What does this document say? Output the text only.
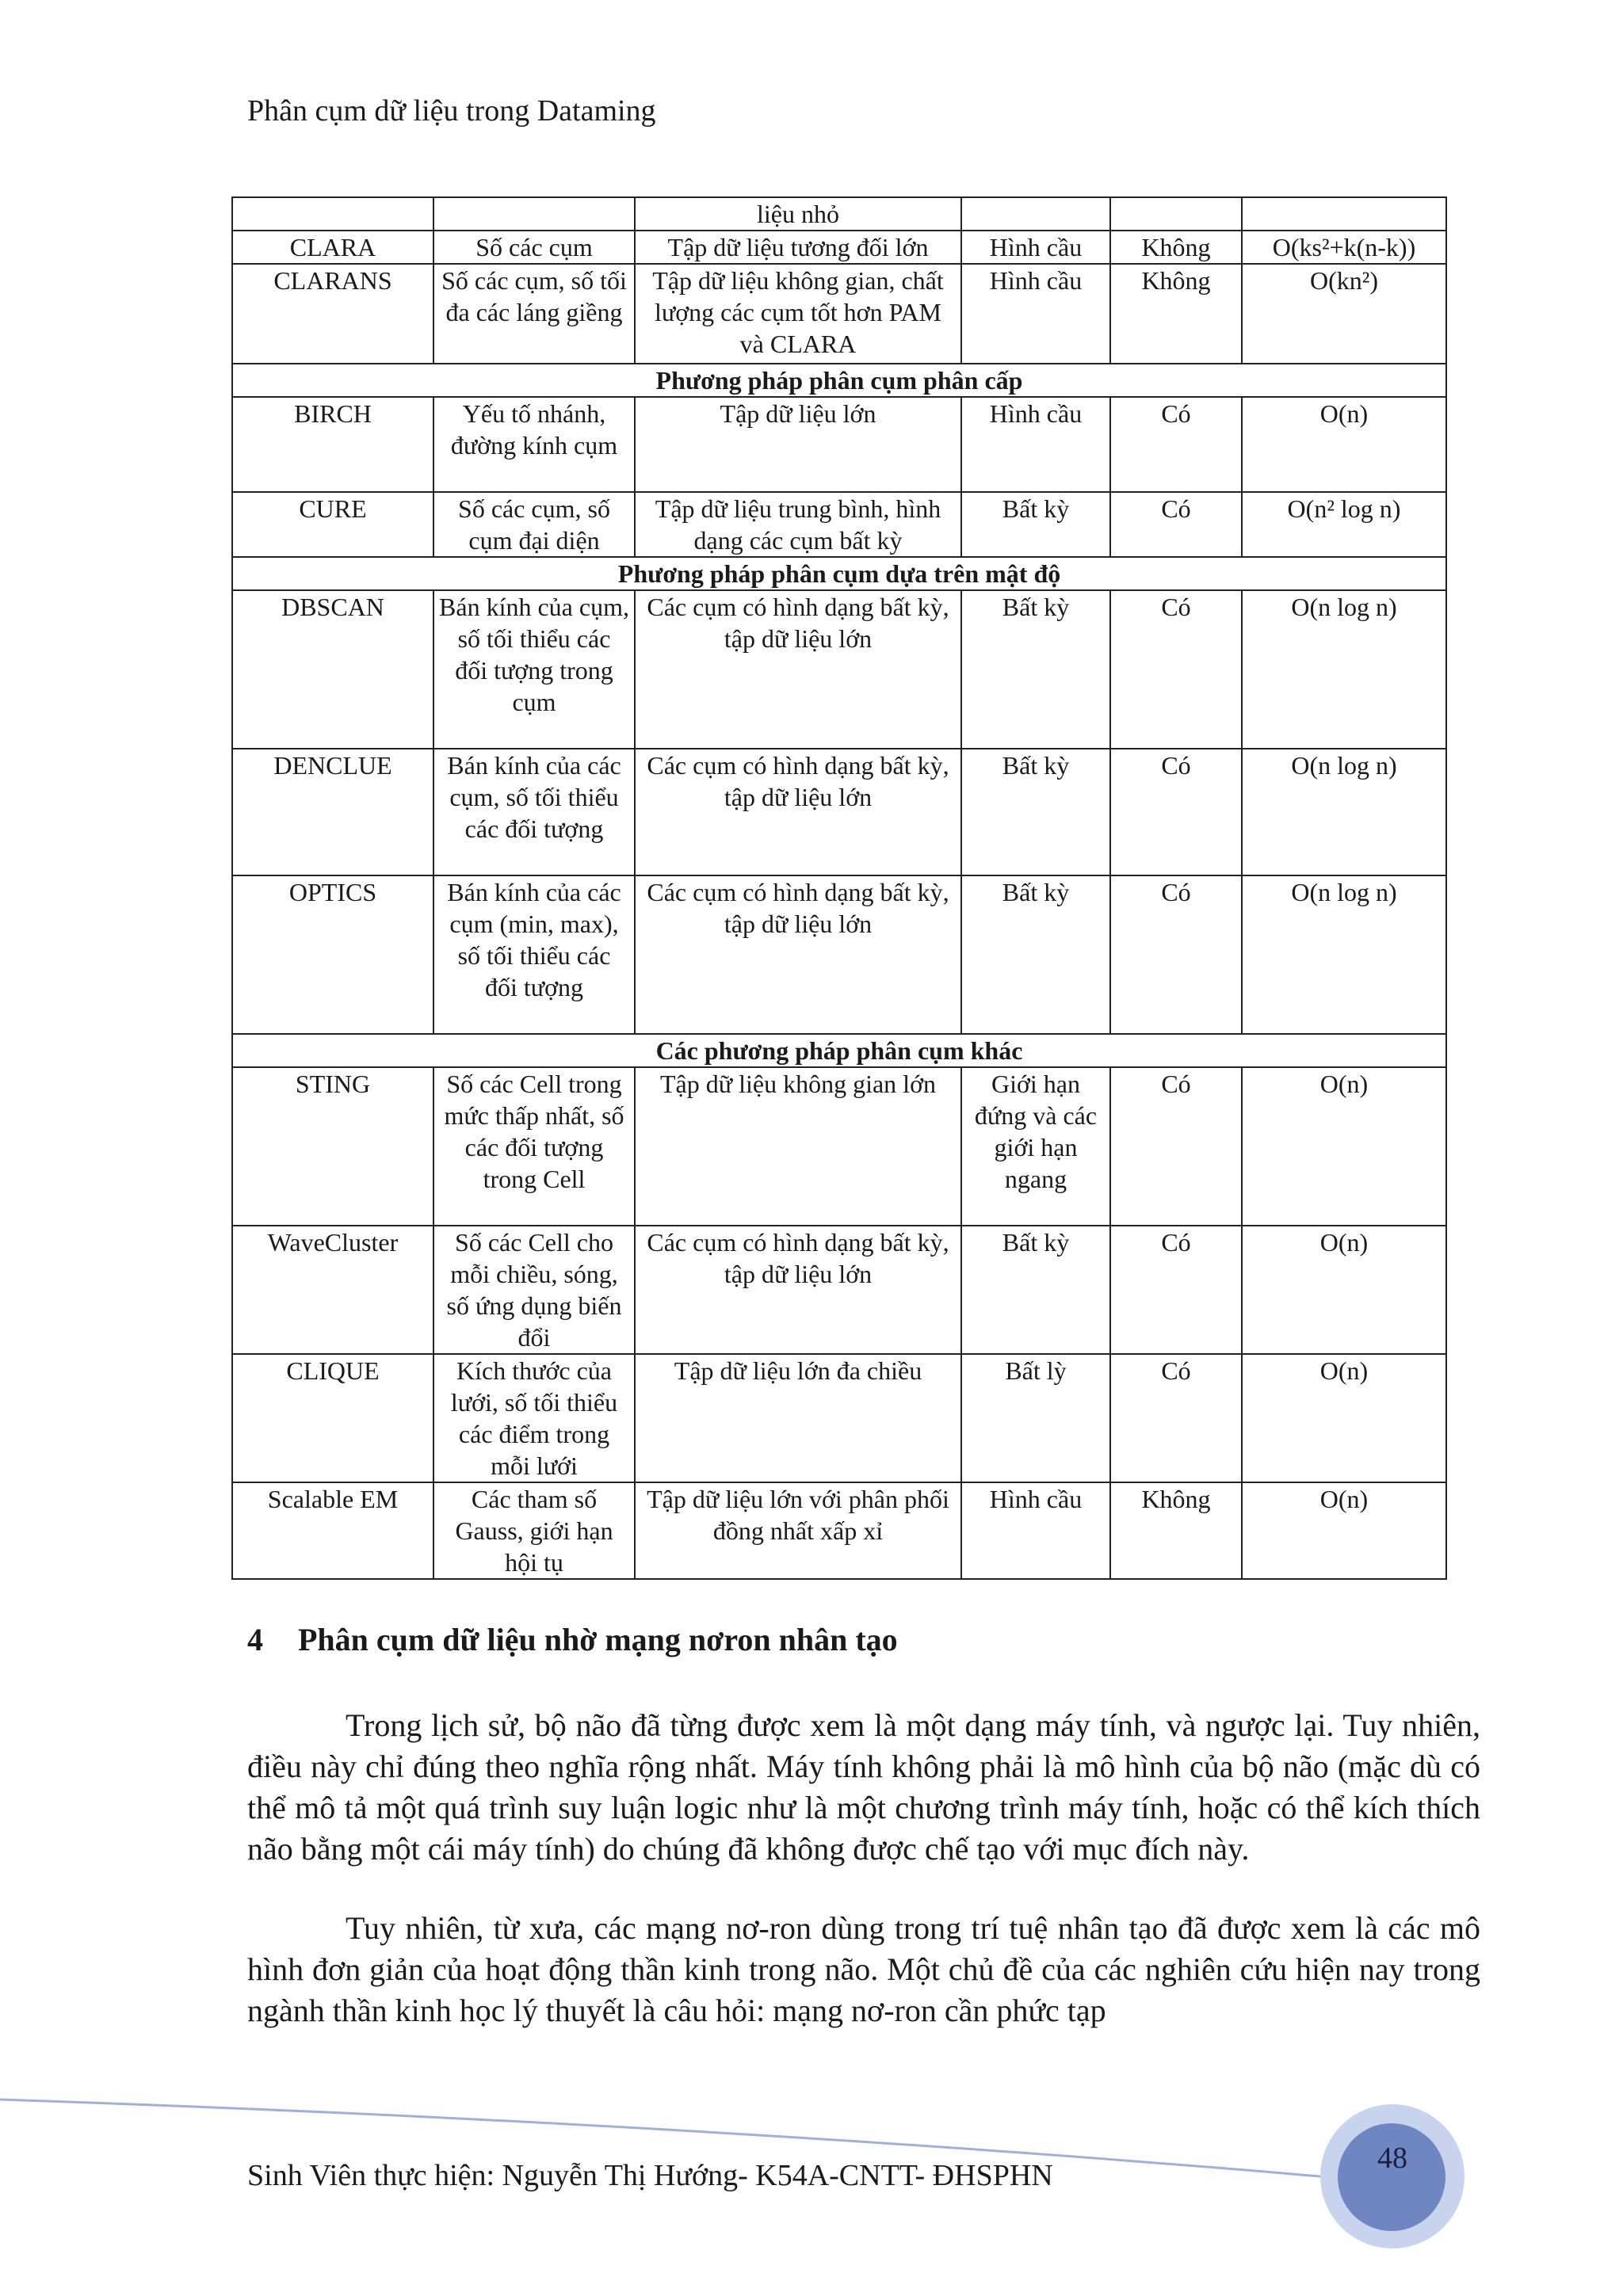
Phân cụm dữ liệu trong Dataming
		liệu nhỏ			
CLARA	Số các cụm	Tập dữ liệu tương đối lớn	Hình cầu	Không	O(ks²+k(n-k))
CLARANS	Số các cụm, số tối đa các láng giềng	Tập dữ liệu không gian, chất lượng các cụm tốt hơn PAM và CLARA	Hình cầu	Không	O(kn²)
Phương pháp phân cụm phân cấp					
BIRCH	Yếu tố nhánh, đường kính cụm	Tập dữ liệu lớn	Hình cầu	Có	O(n)
CURE	Số các cụm, số cụm đại diện	Tập dữ liệu trung bình, hình dạng các cụm bất kỳ	Bất kỳ	Có	O(n² log n)
Phương pháp phân cụm dựa trên mật độ					
DBSCAN	Bán kính của cụm, số tối thiểu các đối tượng trong cụm	Các cụm có hình dạng bất kỳ, tập dữ liệu lớn	Bất kỳ	Có	O(n log n)
DENCLUE	Bán kính của các cụm, số tối thiểu các đối tượng	Các cụm có hình dạng bất kỳ, tập dữ liệu lớn	Bất kỳ	Có	O(n log n)
OPTICS	Bán kính của các cụm (min, max), số tối thiểu các đối tượng	Các cụm có hình dạng bất kỳ, tập dữ liệu lớn	Bất kỳ	Có	O(n log n)
Các phương pháp phân cụm khác					
STING	Số các Cell trong mức thấp nhất, số các đối tượng trong Cell	Tập dữ liệu không gian lớn	Giới hạn đứng và các giới hạn ngang	Có	O(n)
WaveCluster	Số các Cell cho mỗi chiều, sóng, số ứng dụng biến đổi	Các cụm có hình dạng bất kỳ, tập dữ liệu lớn	Bất kỳ	Có	O(n)
CLIQUE	Kích thước của lưới, số tối thiểu các điểm trong mỗi lưới	Tập dữ liệu lớn đa chiều	Bất lỳ	Có	O(n)
Scalable EM	Các tham số Gauss, giới hạn hội tụ	Tập dữ liệu lớn với phân phối đồng nhất xấp xỉ	Hình cầu	Không	O(n)
4 Phân cụm dữ liệu nhờ mạng nơron nhân tạo

Trong lịch sử, bộ não đã từng được xem là một dạng máy tính, và ngược lại. Tuy nhiên, điều này chỉ đúng theo nghĩa rộng nhất. Máy tính không phải là mô hình của bộ não (mặc dù có thể mô tả một quá trình suy luận logic như là một chương trình máy tính, hoặc có thể kích thích não bằng một cái máy tính) do chúng đã không được chế tạo với mục đích này.

Tuy nhiên, từ xưa, các mạng nơ-ron dùng trong trí tuệ nhân tạo đã được xem là các mô hình đơn giản của hoạt động thần kinh trong não. Một chủ đề của các nghiên cứu hiện nay trong ngành thần kinh học lý thuyết là câu hỏi: mạng nơ-ron cần phức tạp

Sinh Viên thực hiện: Nguyễn Thị Hướng- K54A-CNTT- ĐHSPHN
48
